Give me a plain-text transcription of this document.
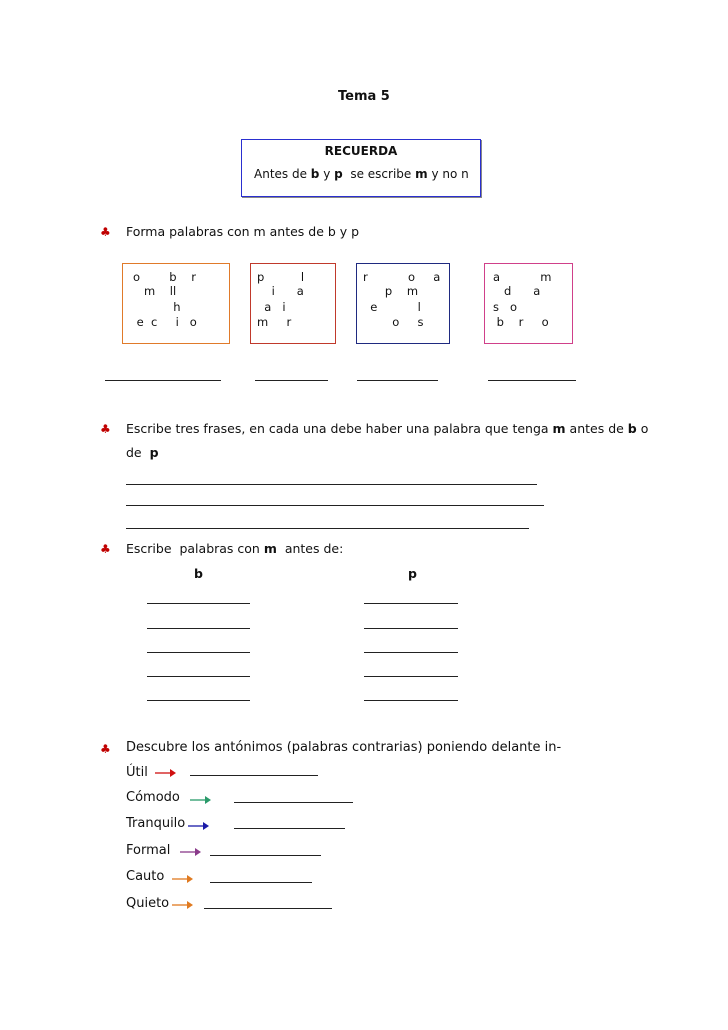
Tema 5
RECUERDA
Antes de b y p  se escribe m y no n
♣ Forma palabras con m antes de b y p
o        b    r
m    ll
h
e  c     i   o
p          l
i      a
a   i
m     r
r           o     a
p    m
e           l
o     s
a           m
d      a
s   o
b    r     o
♣ Escribe tres frases, en cada una debe haber una palabra que tenga m antes de b o
de  p
♣ Escribe  palabras con m  antes de:
b	p
♣ Descubre los antónimos (palabras contrarias) poniendo delante in-
Útil
Cómodo
Tranquilo
Formal
Cauto
Quieto
